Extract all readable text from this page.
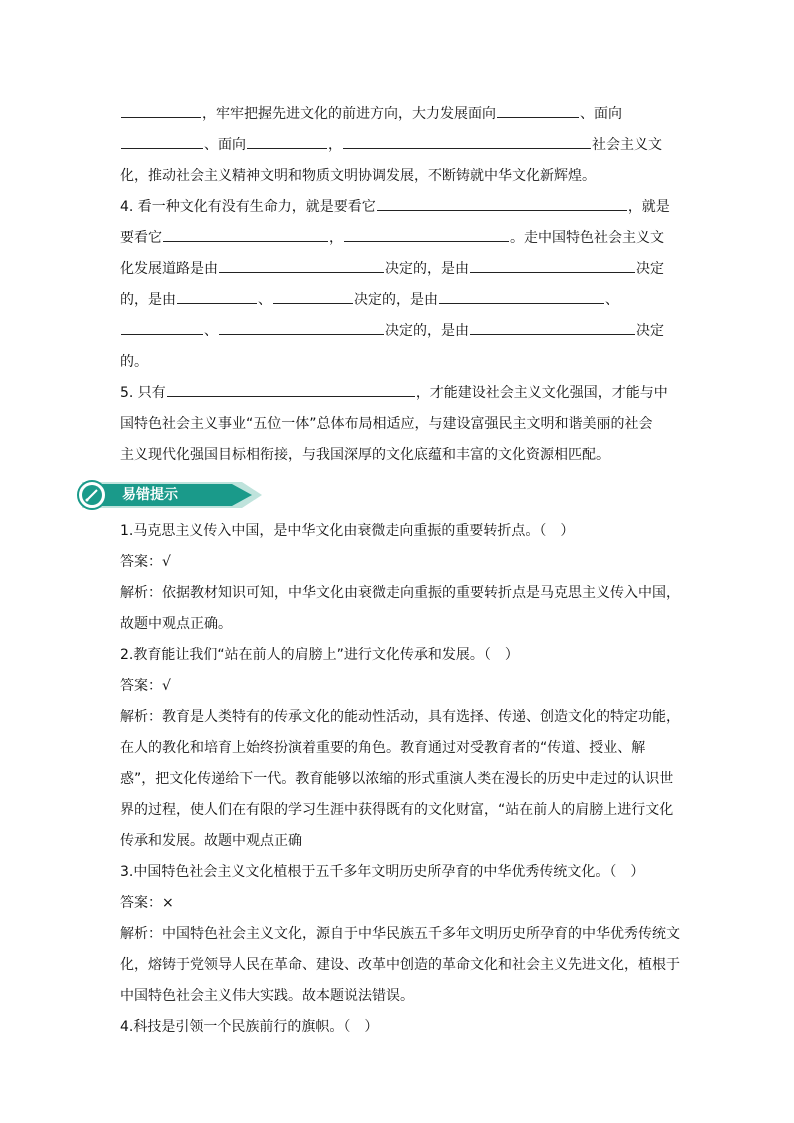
，牢牢把握先进文化的前进方向，大力发展面向	、面向
、面向	，	社会主义文
化，推动社会主义精神文明和物质文明协调发展，不断铸就中华文化新辉煌。
4. 看一种文化有没有生命力，就是要看它	，就是
要看它	，	。走中国特色社会主义文
化发展道路是由	决定的，是由	决定
的，是由	、	决定的，是由	、
、	决定的，是由	决定
的。
5. 只有	，才能建设社会主义文化强国，才能与中
国特色社会主义事业“五位一体”总体布局相适应，与建设富强民主文明和谐美丽的社会
主义现代化强国目标相衔接，与我国深厚的文化底蕴和丰富的文化资源相匹配。
易错提示
1.马克思主义传入中国，是中华文化由衰微走向重振的重要转折点。（　）
答案：√
解析：依据教材知识可知，中华文化由衰微走向重振的重要转折点是马克思主义传入中国，故题中观点正确。
2.教育能让我们“站在前人的肩膀上”进行文化传承和发展。（　）
答案：√
解析：教育是人类特有的传承文化的能动性活动，具有选择、传递、创造文化的特定功能，在人的教化和培育上始终扮演着重要的角色。教育通过对受教育者的“传道、授业、解惑”，把文化传递给下一代。教育能够以浓缩的形式重演人类在漫长的历史中走过的认识世界的过程，使人们在有限的学习生涯中获得既有的文化财富，“站在前人的肩膀上进行文化传承和发展。故题中观点正确
3.中国特色社会主义文化植根于五千多年文明历史所孕育的中华优秀传统文化。（　）
答案：×
解析：中国特色社会主义文化，源自于中华民族五千多年文明历史所孕育的中华优秀传统文化，熔铸于党领导人民在革命、建设、改革中创造的革命文化和社会主义先进文化，植根于中国特色社会主义伟大实践。故本题说法错误。
4.科技是引领一个民族前行的旗帜。（　）
